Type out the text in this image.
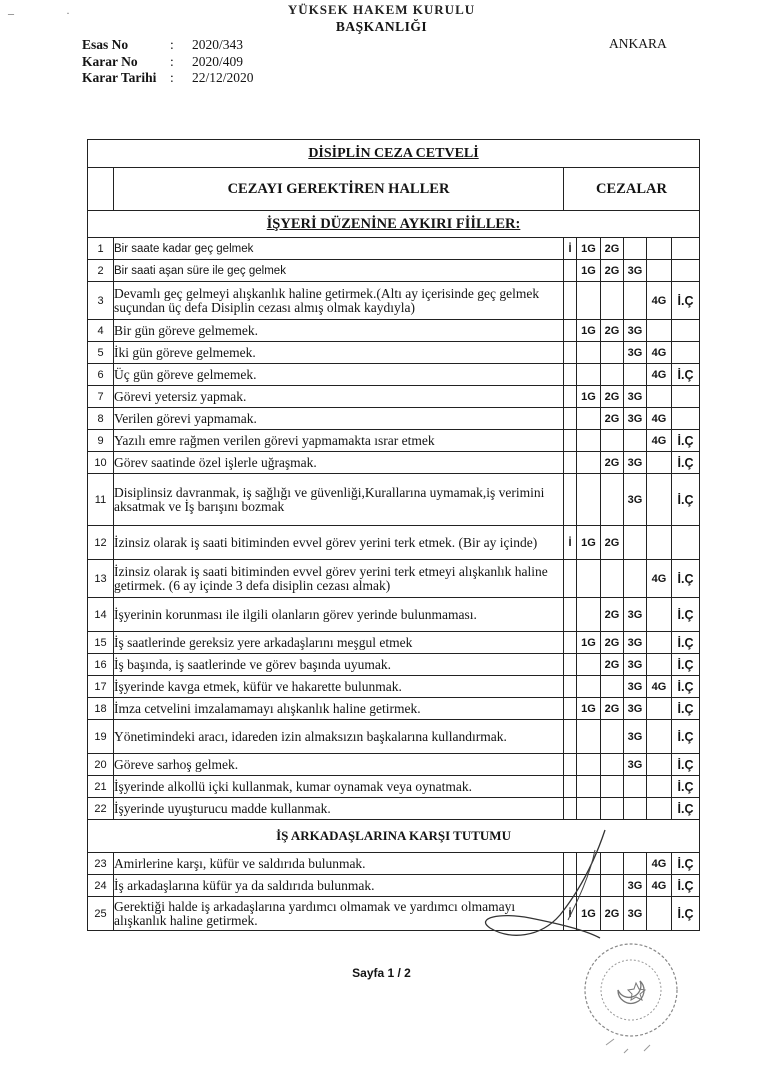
–	·	YÜKSEK HAKEM KURULU
BAŞKANLIĞI
ANKARA
Esas No	:	2020/343
Karar No	:	2020/409
Karar Tarihi	:	22/12/2020
DİSİPLİN CEZA CETVELİ							
	CEZAYI GEREKTİREN HALLER	CEZALAR					
İŞYERİ DÜZENİNE AYKIRI FİİLLER:							
1	Bir saate kadar geç gelmek	İ	1G	2G			
2	Bir saati aşan süre ile geç gelmek		1G	2G	3G		
3	Devamlı geç gelmeyi alışkanlık haline getirmek.(Altı ay içerisinde geç gelmek suçundan üç defa Disiplin cezası almış olmak kaydıyla)					4G	İ.Ç
4	Bir gün göreve gelmemek.		1G	2G	3G		
5	İki gün göreve gelmemek.				3G	4G	
6	Üç gün göreve gelmemek.					4G	İ.Ç
7	Görevi yetersiz yapmak.		1G	2G	3G		
8	Verilen görevi yapmamak.			2G	3G	4G	
9	Yazılı emre rağmen verilen görevi yapmamakta ısrar etmek					4G	İ.Ç
10	Görev saatinde özel işlerle uğraşmak.			2G	3G		İ.Ç
11	Disiplinsiz davranmak, iş sağlığı ve güvenliği,Kurallarına uymamak,iş verimini aksatmak ve İş barışını bozmak				3G		İ.Ç
12	İzinsiz olarak iş saati bitiminden evvel görev yerini terk etmek. (Bir ay içinde)	İ	1G	2G			
13	İzinsiz olarak iş saati bitiminden evvel görev yerini terk etmeyi alışkanlık haline getirmek. (6 ay içinde 3 defa disiplin cezası almak)					4G	İ.Ç
14	İşyerinin korunması ile ilgili olanların görev yerinde bulunmaması.			2G	3G		İ.Ç
15	İş saatlerinde gereksiz yere arkadaşlarını meşgul etmek		1G	2G	3G		İ.Ç
16	İş başında, iş saatlerinde ve görev başında uyumak.			2G	3G		İ.Ç
17	İşyerinde kavga etmek, küfür ve hakarette bulunmak.				3G	4G	İ.Ç
18	İmza cetvelini imzalamamayı alışkanlık haline getirmek.		1G	2G	3G		İ.Ç
19	Yönetimindeki aracı, idareden izin almaksızın başkalarına kullandırmak.				3G		İ.Ç
20	Göreve sarhoş gelmek.				3G		İ.Ç
21	İşyerinde alkollü içki kullanmak, kumar oynamak veya oynatmak.						İ.Ç
22	İşyerinde uyuşturucu madde kullanmak.						İ.Ç
İŞ ARKADAŞLARINA KARŞI TUTUMU							
23	Amirlerine karşı, küfür ve saldırıda bulunmak.					4G	İ.Ç
24	İş arkadaşlarına küfür ya da saldırıda bulunmak.				3G	4G	İ.Ç
25	Gerektiği halde iş arkadaşlarına yardımcı olmamak ve yardımcı olmamayı alışkanlık haline getirmek.	İ	1G	2G	3G		İ.Ç
Sayfa 1 / 2
